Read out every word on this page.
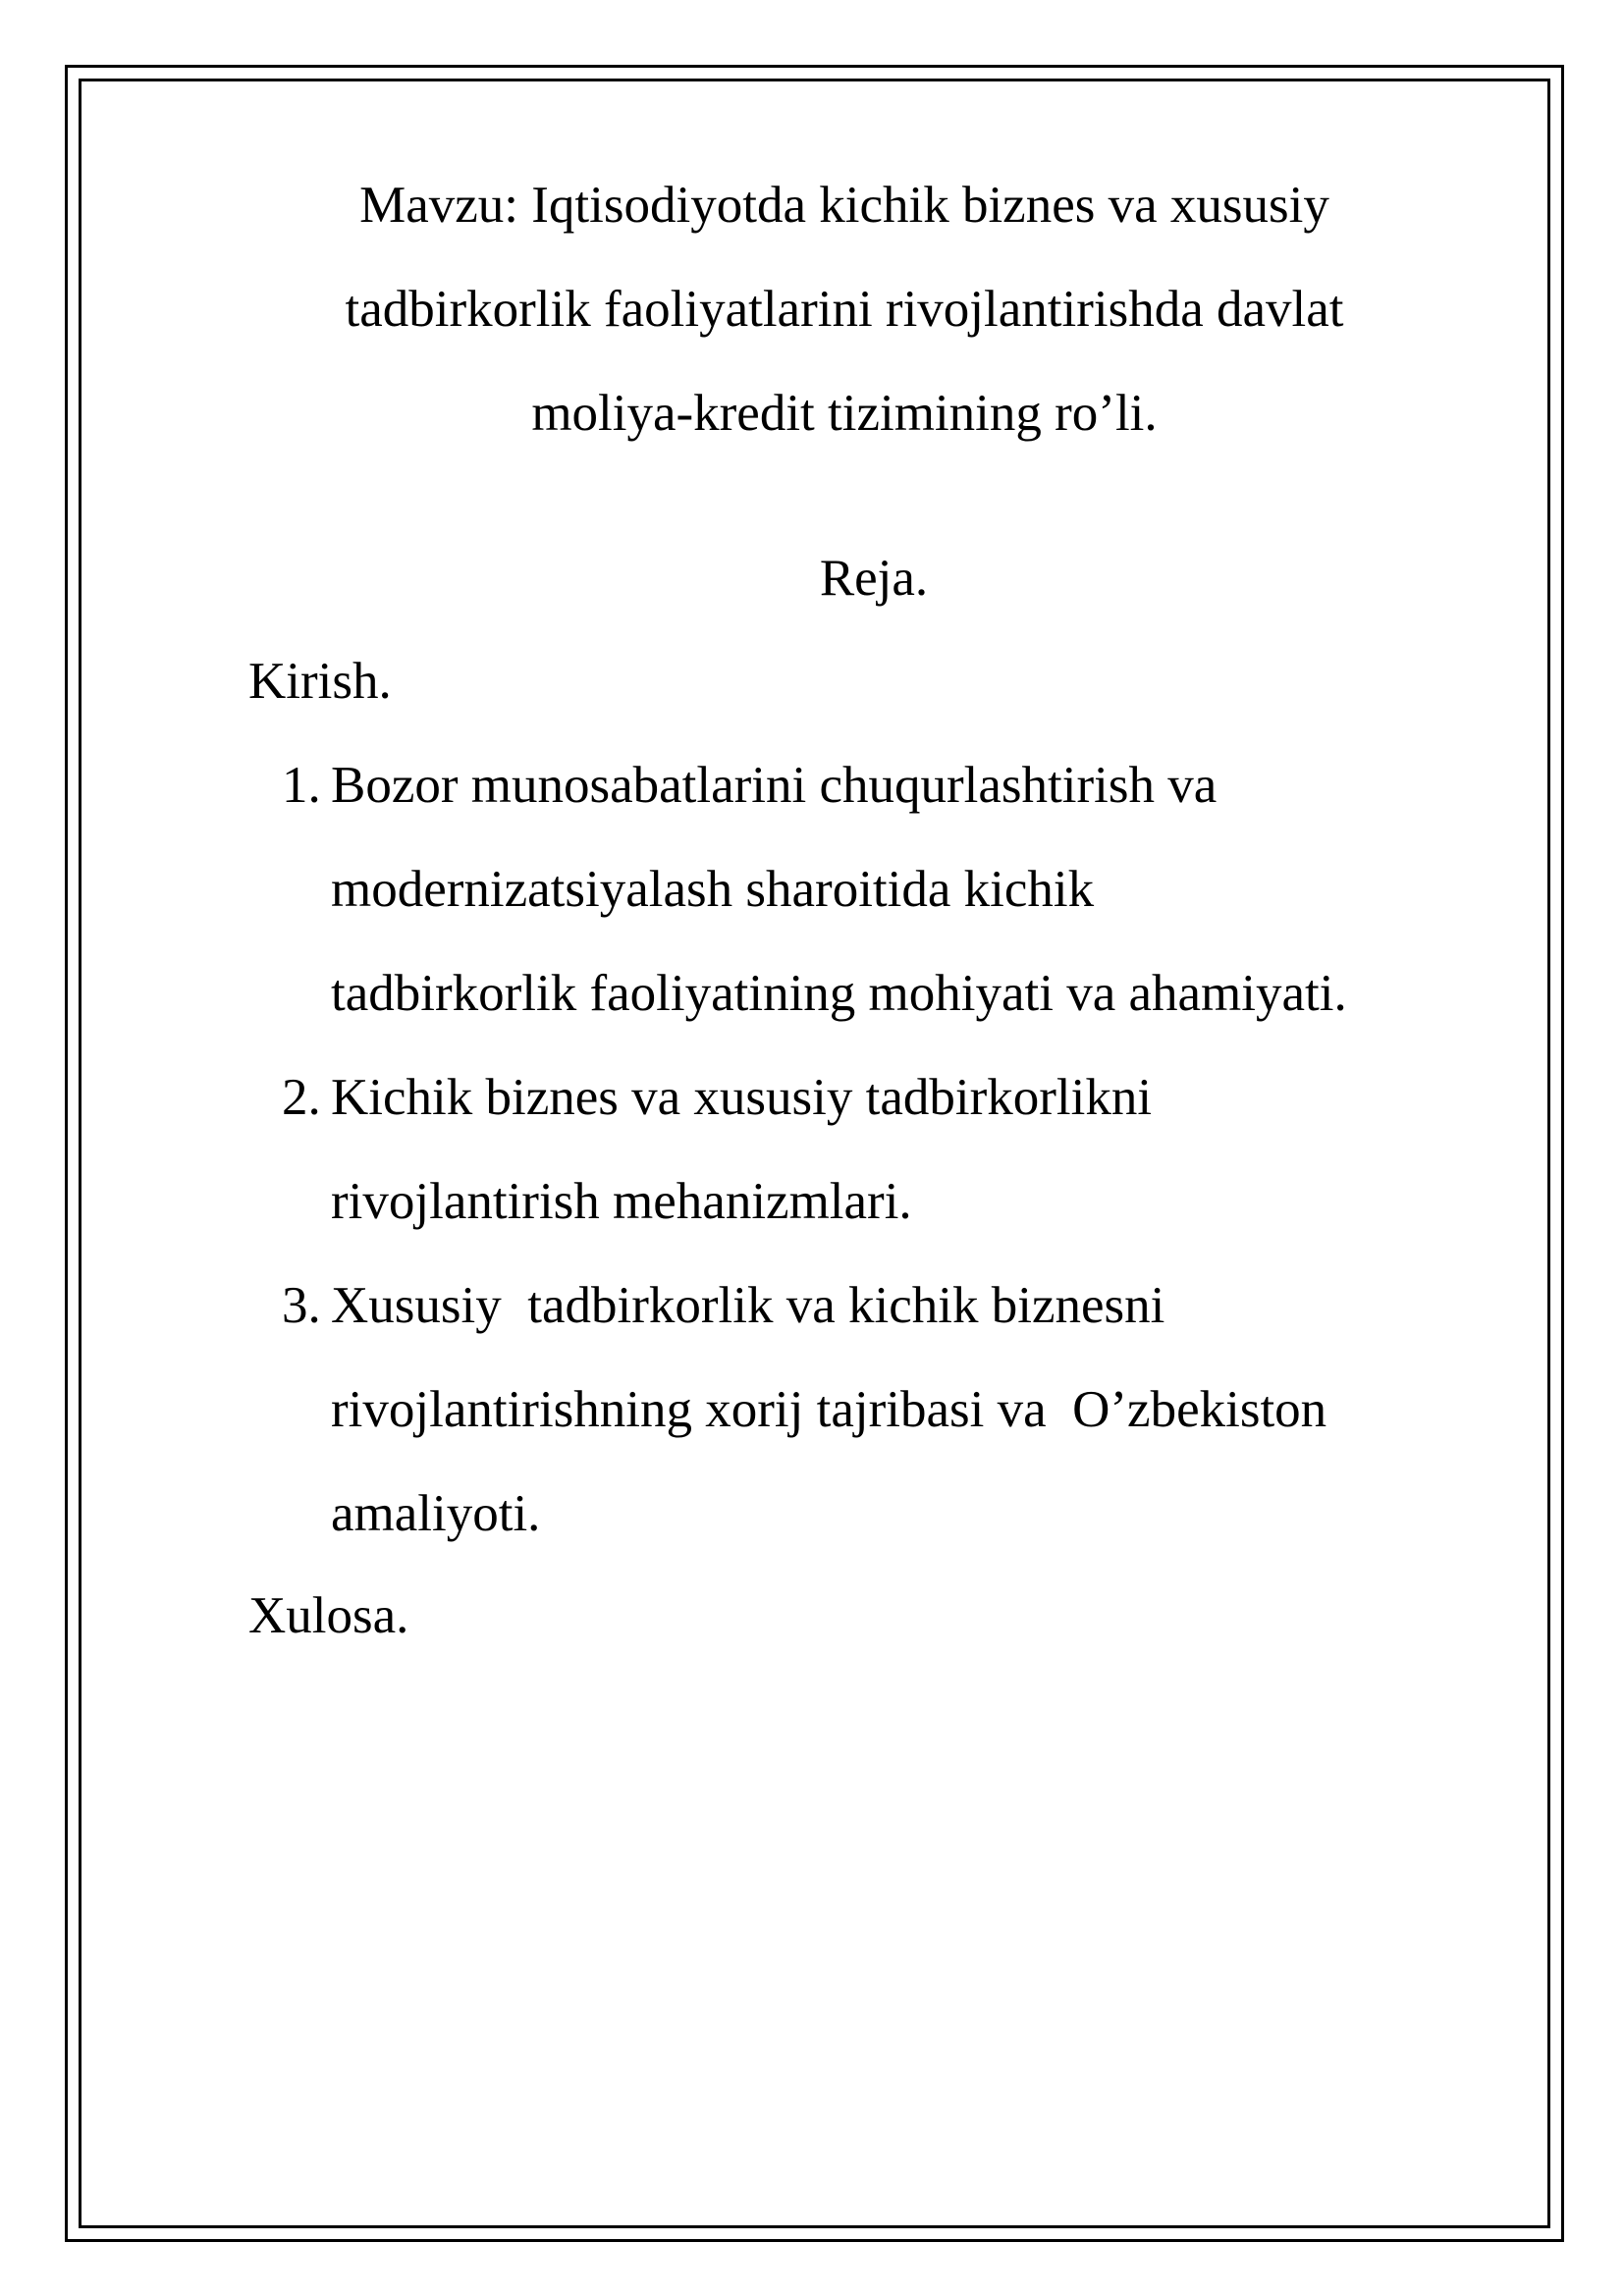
Mavzu: Iqtisodiyotda kichik biznes va xususiy
tadbirkorlik faoliyatlarini rivojlantirishda davlat
moliya-kredit tizimining ro’li.
Reja.
Kirish.
1. Bozor munosabatlarini chuqurlashtirish va
modernizatsiyalash sharoitida kichik
tadbirkorlik faoliyatining mohiyati va ahamiyati.
2. Kichik biznes va xususiy tadbirkorlikni
rivojlantirish mehanizmlari.
3. Xususiy  tadbirkorlik va kichik biznesni
rivojlantirishning xorij tajribasi va  O’zbekiston
amaliyoti.
Xulosa.
